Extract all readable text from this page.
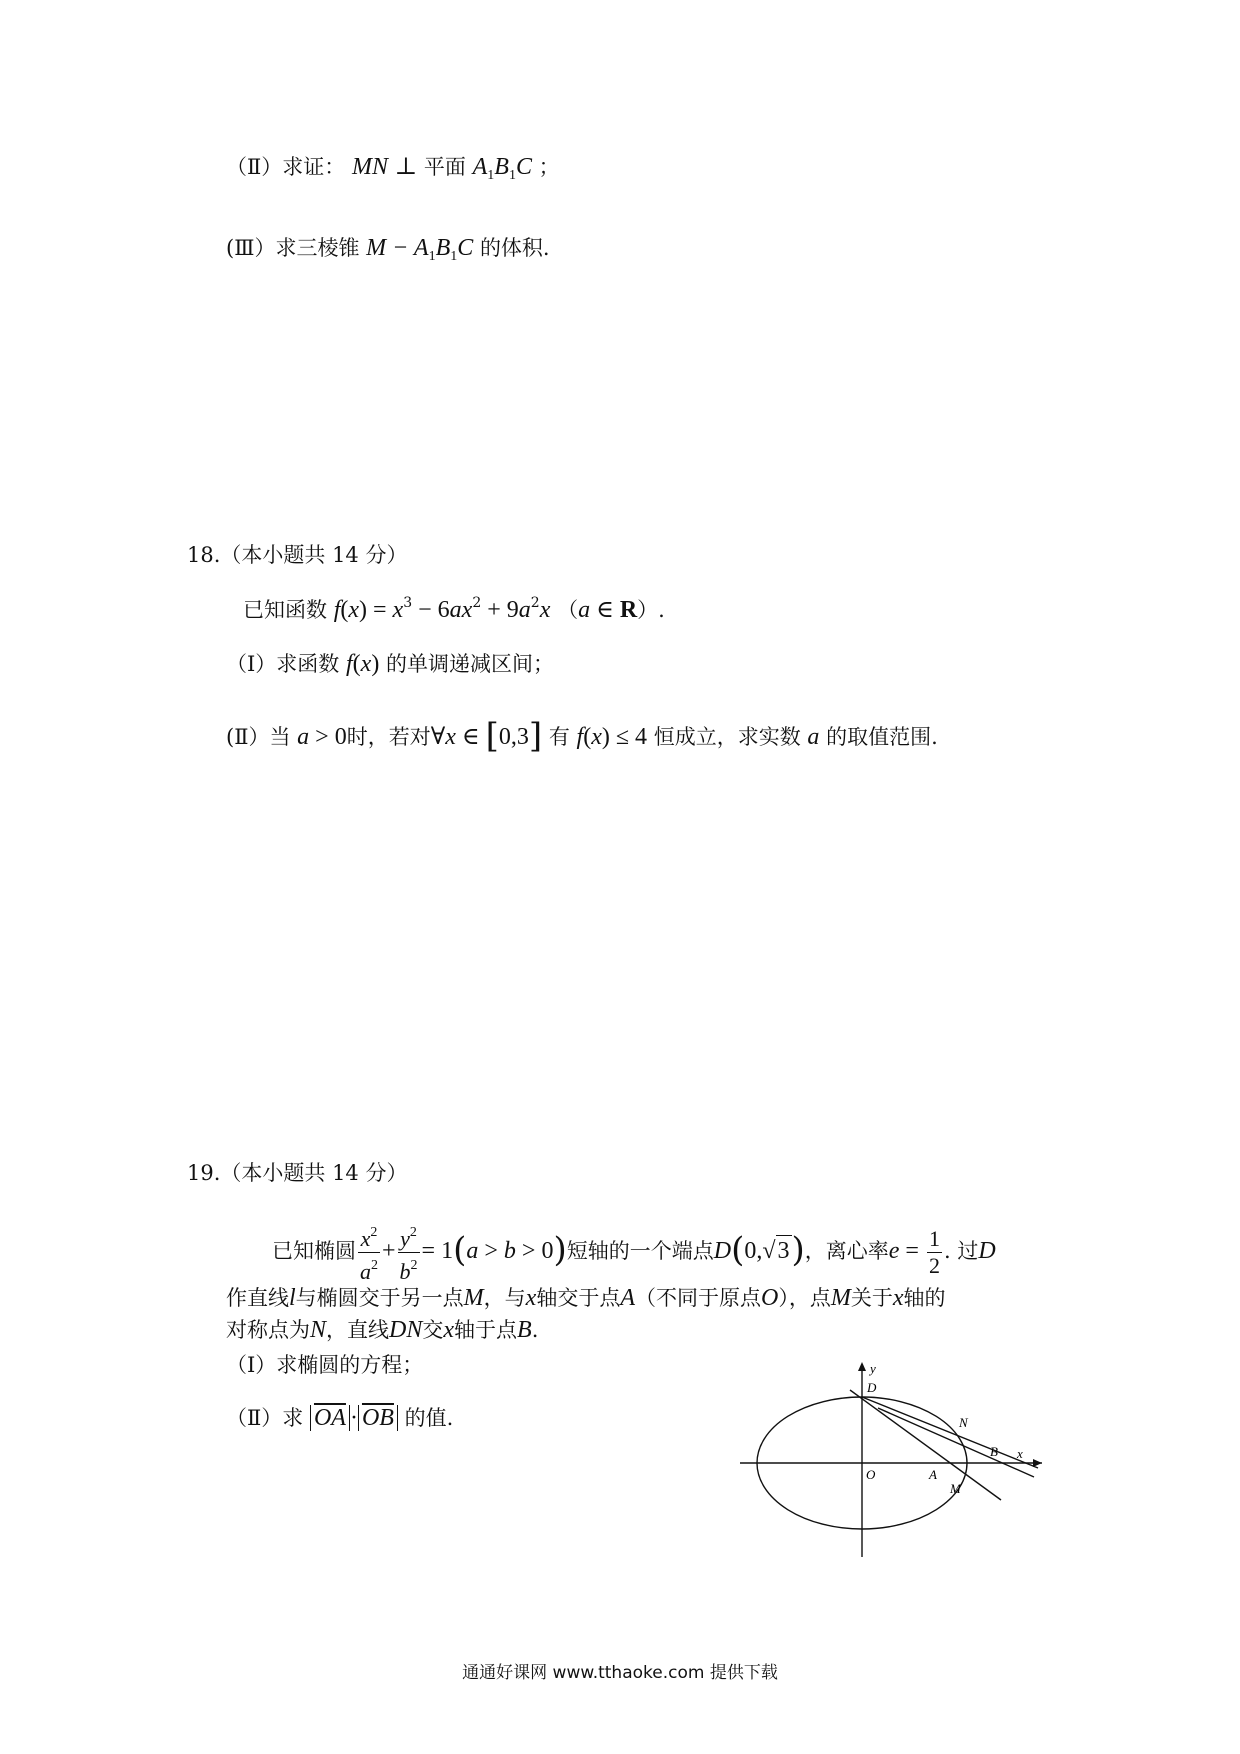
（Ⅱ）求证： MN ⊥ 平面 $A_1B_1C$ ；
(Ⅲ）求三棱锥 $M - A_1B_1C$ 的体积.
18.（本小题共 14 分）
已知函数 $f(x) = x^3 - 6ax^2 + 9a^2x$ （a ∈ R）.
（Ⅰ）求函数 f(x) 的单调递减区间；
(Ⅱ）当 a > 0时，若对∀x ∈ [0,3] 有 f(x) ≤ 4 恒成立，求实数 a 的取值范围.
19.（本小题共 14 分）
已知椭圆 $\frac{x^2}{a^2} + \frac{y^2}{b^2} = 1(a > b > 0)$短轴的一个端点D(0,√3)，离心率$e = \frac{1}{2}$ . 过D
作直线l与椭圆交于另一点M，与x轴交于点A（不同于原点O），点M关于x轴的
对称点为N，直线DN交x轴于点B.
（Ⅰ）求椭圆的方程；
（Ⅱ）求 $\overline{OA} \cdot \overline{OB}$ 的值.
y
x
D
N
B
O	A
M
通通好课网 www.tthaoke.com 提供下载
